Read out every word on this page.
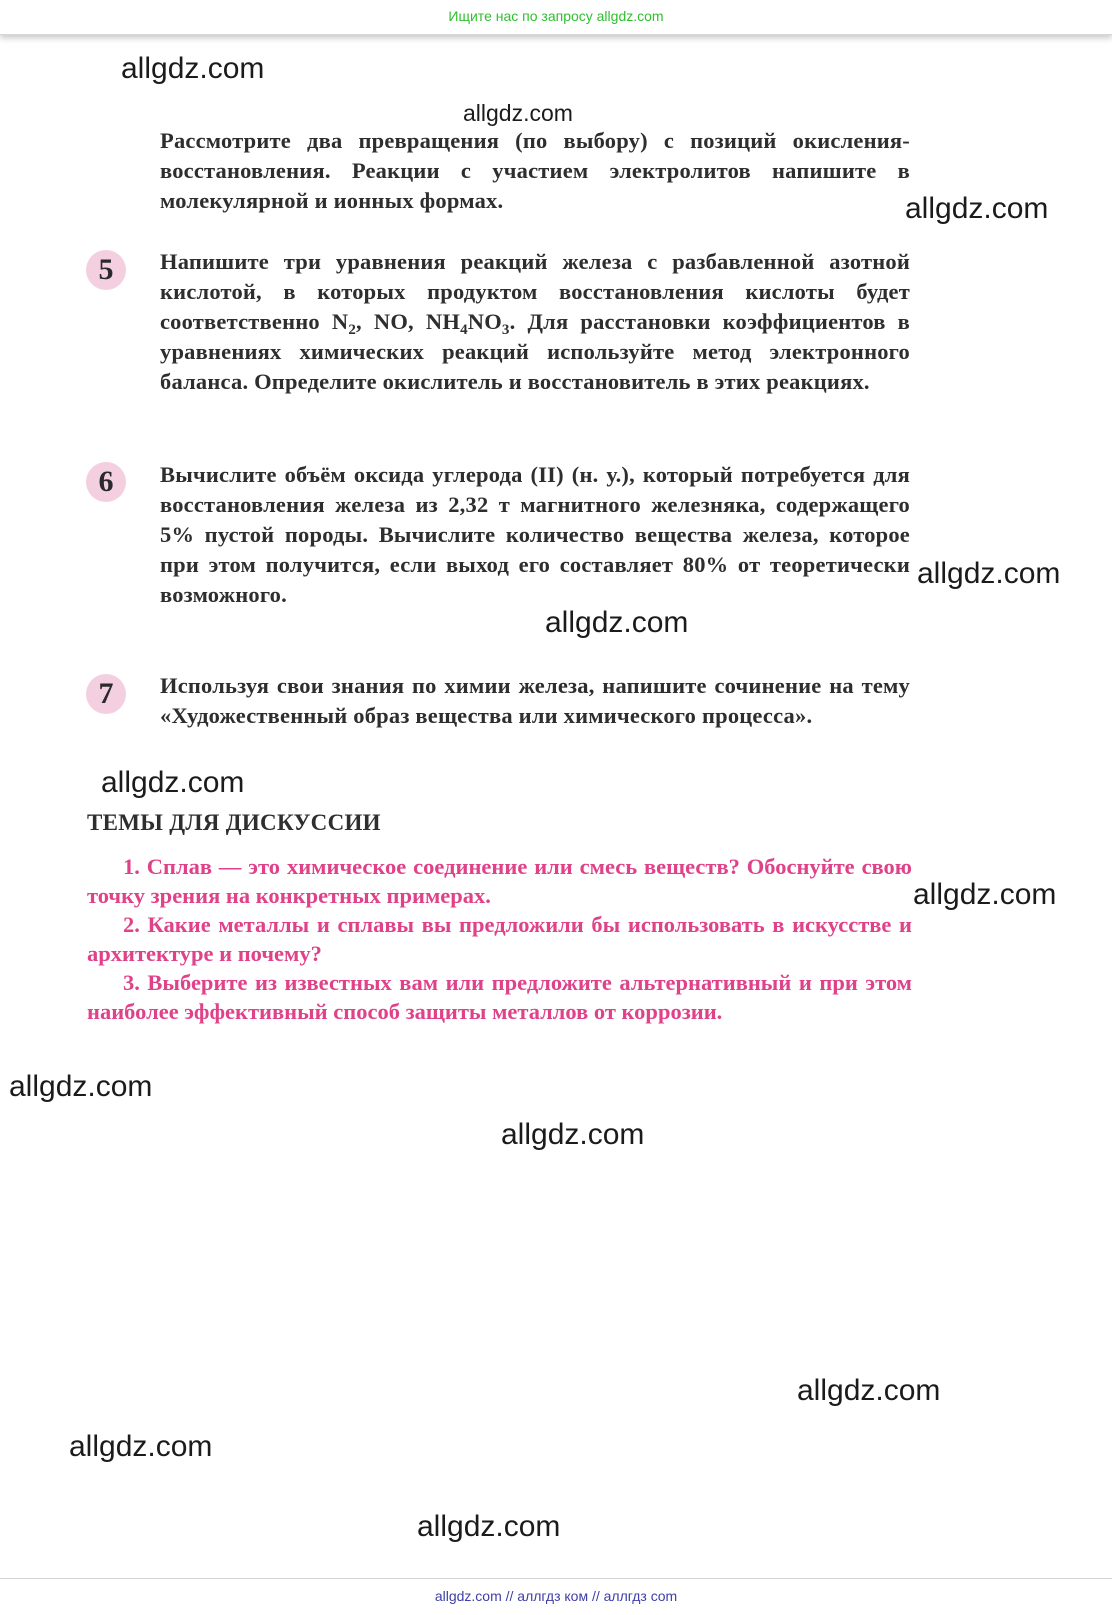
Ищите нас по запросу allgdz.com
allgdz.com
allgdz.com
allgdz.com
allgdz.com
allgdz.com
allgdz.com
allgdz.com
allgdz.com
allgdz.com
allgdz.com
allgdz.com
allgdz.com
Рассмотрите два превращения (по выбору) с позиций окисления-восстановления. Реакции с участием электролитов напишите в молекулярной и ионных формах.
5	Напишите три уравнения реакций железа с разбавленной азотной кислотой, в которых продуктом восстановления кислоты будет соответственно $N_2$, NO, $NH_4NO_3$. Для расстановки коэффициентов в уравнениях химических реакций используйте метод электронного баланса. Определите окислитель и восстановитель в этих реакциях.
6	Вычислите объём оксида углерода (II) (н. у.), который потребуется для восстановления железа из 2,32 т магнитного железняка, содержащего 5% пустой породы. Вычислите количество вещества железа, которое при этом получится, если выход его составляет 80% от теоретически возможного.
7	Используя свои знания по химии железа, напишите сочинение на тему «Художественный образ вещества или химического процесса».
ТЕМЫ ДЛЯ ДИСКУССИИ
1. Сплав — это химическое соединение или смесь веществ? Обоснуйте свою точку зрения на конкретных примерах.
2. Какие металлы и сплавы вы предложили бы использовать в искусстве и архитектуре и почему?
3. Выберите из известных вам или предложите альтернативный и при этом наиболее эффективный способ защиты металлов от коррозии.
allgdz.com // аллгдз ком // аллгдз com
